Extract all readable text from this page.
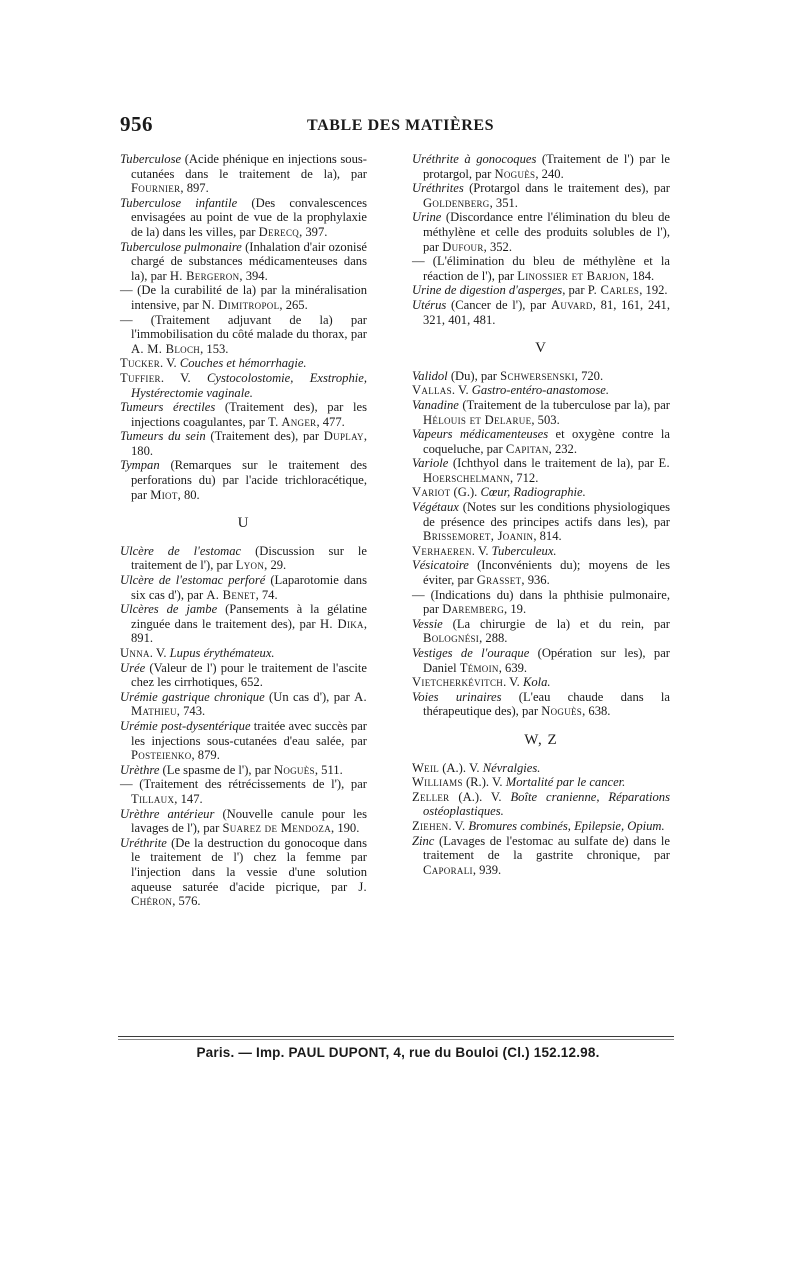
956	TABLE DES MATIÈRES

Tuberculose (Acide phénique en injections sous-cutanées dans le traitement de la), par Fournier, 897.

Tuberculose infantile (Des convalescences envisagées au point de vue de la prophylaxie de la) dans les villes, par Derecq, 397.

Tuberculose pulmonaire (Inhalation d'air ozonisé chargé de substances médicamenteuses dans la), par H. Bergeron, 394.

— (De la curabilité de la) par la minéralisation intensive, par N. Dimitropol, 265.

— (Traitement adjuvant de la) par l'immobilisation du côté malade du thorax, par A. M. Bloch, 153.

Tucker. V. Couches et hémorrhagie.

Tuffier. V. Cystocolostomie, Exstrophie, Hystérectomie vaginale.

Tumeurs érectiles (Traitement des), par les injections coagulantes, par T. Anger, 477.

Tumeurs du sein (Traitement des), par Duplay, 180.

Tympan (Remarques sur le traitement des perforations du) par l'acide trichloracétique, par Miot, 80.

U

Ulcère de l'estomac (Discussion sur le traitement de l'), par Lyon, 29.

Ulcère de l'estomac perforé (Laparotomie dans six cas d'), par A. Benet, 74.

Ulcères de jambe (Pansements à la gélatine zinguée dans le traitement des), par H. Dika, 891.

Unna. V. Lupus érythémateux.

Urée (Valeur de l') pour le traitement de l'ascite chez les cirrhotiques, 652.

Urémie gastrique chronique (Un cas d'), par A. Mathieu, 743.

Urémie post-dysentérique traitée avec succès par les injections sous-cutanées d'eau salée, par Posteienko, 879.

Urèthre (Le spasme de l'), par Noguès, 511.

— (Traitement des rétrécissements de l'), par Tillaux, 147.

Urèthre antérieur (Nouvelle canule pour les lavages de l'), par Suarez de Mendoza, 190.

Uréthrite (De la destruction du gonocoque dans le traitement de l') chez la femme par l'injection dans la vessie d'une solution aqueuse saturée d'acide picrique, par J. Chéron, 576.

Uréthrite à gonocoques (Traitement de l') par le protargol, par Noguès, 240.

Uréthrites (Protargol dans le traitement des), par Goldenberg, 351.

Urine (Discordance entre l'élimination du bleu de méthylène et celle des produits solubles de l'), par Dufour, 352.

— (L'élimination du bleu de méthylène et la réaction de l'), par Linossier et Barjon, 184.

Urine de digestion d'asperges, par P. Carles, 192.

Utérus (Cancer de l'), par Auvard, 81, 161, 241, 321, 401, 481.

V

Validol (Du), par Schwersenski, 720.

Vallas. V. Gastro-entéro-anastomose.

Vanadine (Traitement de la tuberculose par la), par Hélouis et Delarue, 503.

Vapeurs médicamenteuses et oxygène contre la coqueluche, par Capitan, 232.

Variole (Ichthyol dans le traitement de la), par E. Hoerschelmann, 712.

Variot (G.). Cœur, Radiographie.

Végétaux (Notes sur les conditions physiologiques de présence des principes actifs dans les), par Brissemoret, Joanin, 814.

Verhaeren. V. Tuberculeux.

Vésicatoire (Inconvénients du); moyens de les éviter, par Grasset, 936.

— (Indications du) dans la phthisie pulmonaire, par Daremberg, 19.

Vessie (La chirurgie de la) et du rein, par Bolognési, 288.

Vestiges de l'ouraque (Opération sur les), par Daniel Témoin, 639.

Vietcherkévitch. V. Kola.

Voies urinaires (L'eau chaude dans la thérapeutique des), par Noguès, 638.

W, Z

Weil (A.). V. Névralgies.

Williams (R.). V. Mortalité par le cancer.

Zeller (A.). V. Boîte cranienne, Réparations ostéoplastiques.

Ziehen. V. Bromures combinés, Epilepsie, Opium.

Zinc (Lavages de l'estomac au sulfate de) dans le traitement de la gastrite chronique, par Caporali, 939.

Paris. — Imp. PAUL DUPONT, 4, rue du Bouloi (Cl.) 152.12.98.
